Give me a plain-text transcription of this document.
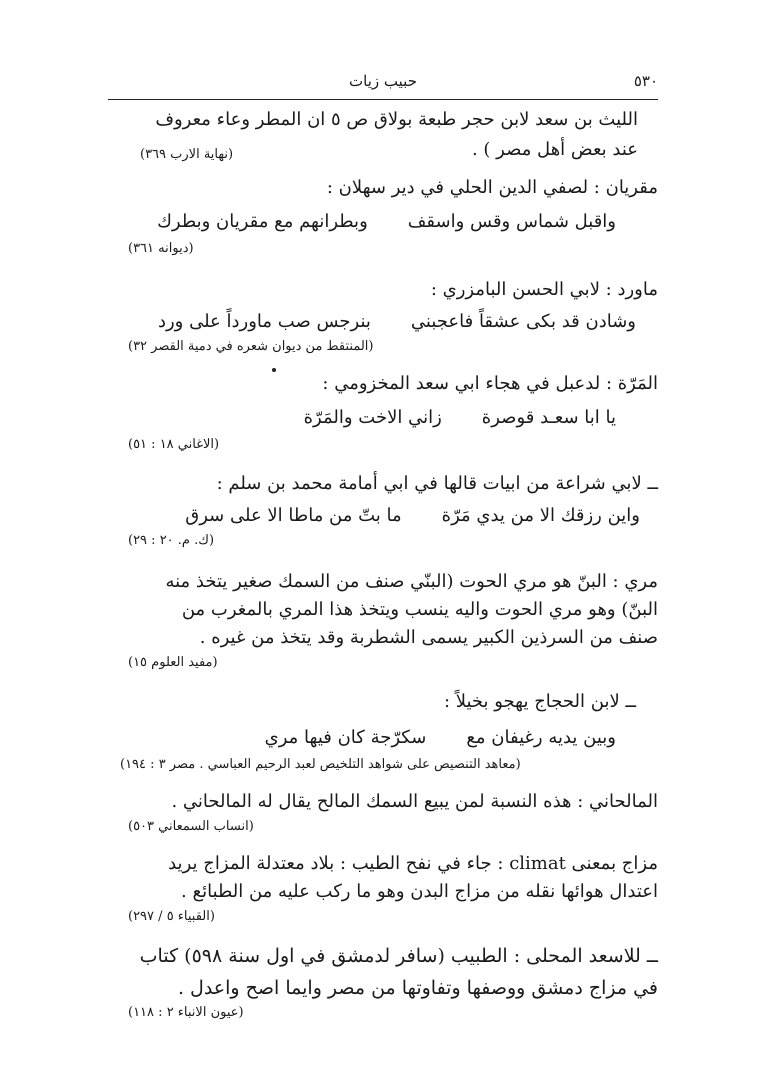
٥٣٠
حبيب زيات
الليث بن سعد لابن حجر طبعة بولاق ص ٥ ان المطر وعاء معروف
عند بعض أهل مصر ) .
(نهاية الارب ٣٦٩)
مقريان : لصفي الدين الحلي في دير سهلان :
واقبل شماس وقس واسقفوبطرانهم مع مقريان وبطرك
(ديوانه ٣٦١)
ماورد : لابي الحسن البامزري :
وشادن قد بكى عشقاً فاعجبنيبنرجس صب ماورداً على ورد
(المنتقط من ديوان شعره في دمية القصر ٣٢)
المَرّة : لدعبل في هجاء ابي سعد المخزومي :
يا ابا سعـد قوصرةزاني الاخت والمَرّة
(الاغاني ١٨ : ٥١)
ــ لابي شراعة من ابيات قالها في ابي أمامة محمد بن سلم :
واين رزقك الا من يدي مَرّةما بتّ من ماطا الا على سرق
(ك. م. ٢٠ : ٢٩)
مري : البنّ هو مري الحوت (البنّي صنف من السمك صغير يتخذ منه
البنّ) وهو مري الحوت واليه ينسب ويتخذ هذا المري بالمغرب من
صنف من السرذين الكبير يسمى الشطربة وقد يتخذ من غيره .
(مفيد العلوم ١٥)
ــ لابن الحجاج يهجو بخيلاً :
وبين يديه رغيفان معسكرّجة كان فيها مري
(معاهد التنصيص على شواهد التلخيص لعبد الرحيم العباسي . مصر ٣ : ١٩٤)
المالحاني : هذه النسبة لمن يبيع السمك المالح يقال له المالحاني .
(انساب السمعاني ٥٠٣)
مزاج بمعنى climat : جاء في نفح الطيب : بلاد معتدلة المزاج يريد
اعتدال هوائها نقله من مزاج البدن وهو ما ركب عليه من الطبائع .
(القبياء ٥ / ٢٩٧)
ــ للاسعد المحلى : الطبيب (سافر لدمشق في اول سنة ٥٩٨) كتاب
في مزاج دمشق ووصفها وتفاوتها من مصر وايما اصح واعدل .
(عيون الانباء ٢ : ١١٨)
